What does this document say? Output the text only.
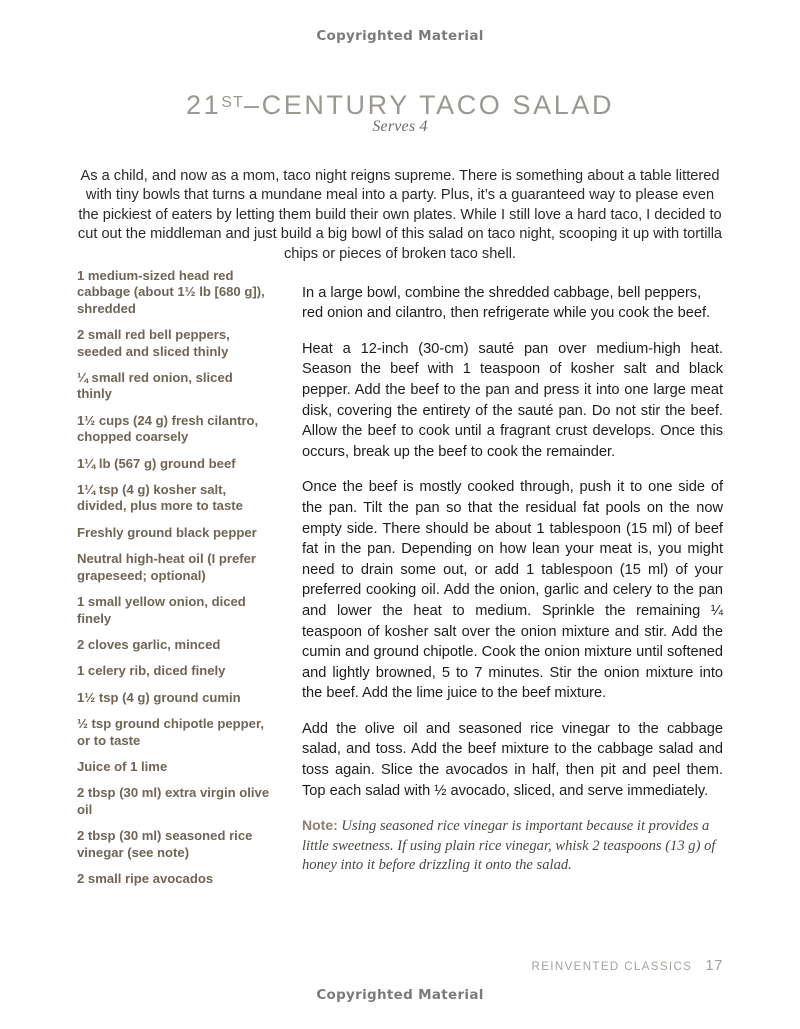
Copyrighted Material
21ST–CENTURY TACO SALAD
Serves 4

As a child, and now as a mom, taco night reigns supreme. There is something about a table littered with tiny bowls that turns a mundane meal into a party. Plus, it’s a guaranteed way to please even the pickiest of eaters by letting them build their own plates. While I still love a hard taco, I decided to cut out the middleman and just build a big bowl of this salad on taco night, scooping it up with tortilla chips or pieces of broken taco shell.

1 medium-sized head red cabbage (about 1½ lb [680 g]), shredded
2 small red bell peppers, seeded and sliced thinly
¼ small red onion, sliced thinly
1½ cups (24 g) fresh cilantro, chopped coarsely
1¼ lb (567 g) ground beef
1¼ tsp (4 g) kosher salt, divided, plus more to taste
Freshly ground black pepper
Neutral high-heat oil (I prefer grapeseed; optional)
1 small yellow onion, diced finely
2 cloves garlic, minced
1 celery rib, diced finely
1½ tsp (4 g) ground cumin
½ tsp ground chipotle pepper, or to taste
Juice of 1 lime
2 tbsp (30 ml) extra virgin olive oil
2 tbsp (30 ml) seasoned rice vinegar (see note)
2 small ripe avocados

In a large bowl, combine the shredded cabbage, bell peppers, red onion and cilantro, then refrigerate while you cook the beef.

Heat a 12-inch (30-cm) sauté pan over medium-high heat. Season the beef with 1 teaspoon of kosher salt and black pepper. Add the beef to the pan and press it into one large meat disk, covering the entirety of the sauté pan. Do not stir the beef. Allow the beef to cook until a fragrant crust develops. Once this occurs, break up the beef to cook the remainder.

Once the beef is mostly cooked through, push it to one side of the pan. Tilt the pan so that the residual fat pools on the now empty side. There should be about 1 tablespoon (15 ml) of beef fat in the pan. Depending on how lean your meat is, you might need to drain some out, or add 1 tablespoon (15 ml) of your preferred cooking oil. Add the onion, garlic and celery to the pan and lower the heat to medium. Sprinkle the remaining ¼ teaspoon of kosher salt over the onion mixture and stir. Add the cumin and ground chipotle. Cook the onion mixture until softened and lightly browned, 5 to 7 minutes. Stir the onion mixture into the beef. Add the lime juice to the beef mixture.

Add the olive oil and seasoned rice vinegar to the cabbage salad, and toss. Add the beef mixture to the cabbage salad and toss again. Slice the avocados in half, then pit and peel them. Top each salad with ½ avocado, sliced, and serve immediately.

Note: Using seasoned rice vinegar is important because it provides a little sweetness. If using plain rice vinegar, whisk 2 teaspoons (13 g) of honey into it before drizzling it onto the salad.

REINVENTED CLASSICS 17
Copyrighted Material
